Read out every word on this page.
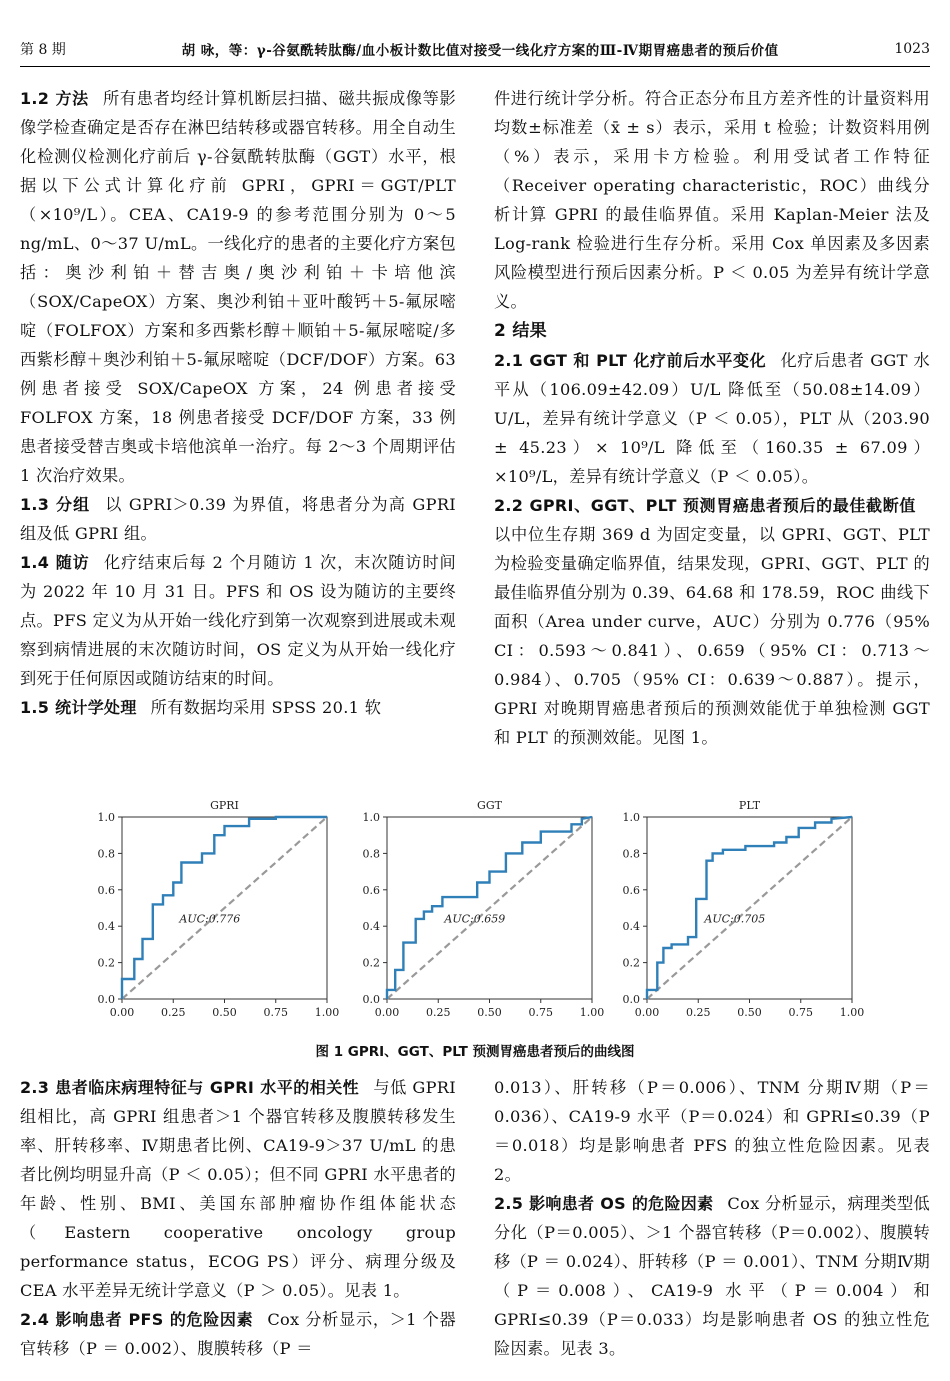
第 8 期	胡 咏，等：γ-谷氨酰转肽酶/血小板计数比值对接受一线化疗方案的Ⅲ-Ⅳ期胃癌患者的预后价值	1023

1.2 方法 所有患者均经计算机断层扫描、磁共振成像等影像学检查确定是否存在淋巴结转移或器官转移。用全自动生化检测仪检测化疗前后 γ-谷氨酰转肽酶（GGT）水平，根据以下公式计算化疗前 GPRI，GPRI＝GGT/PLT（×10⁹/L）。CEA、CA19-9 的参考范围分别为 0～5 ng/mL、0～37 U/mL。一线化疗的患者的主要化疗方案包括：奥沙利铂＋替吉奥/奥沙利铂＋卡培他滨（SOX/CapeOX）方案、奥沙利铂＋亚叶酸钙＋5-氟尿嘧啶（FOLFOX）方案和多西紫杉醇＋顺铂＋5-氟尿嘧啶/多西紫杉醇＋奥沙利铂＋5-氟尿嘧啶（DCF/DOF）方案。63 例患者接受 SOX/CapeOX 方案，24 例患者接受 FOLFOX 方案，18 例患者接受 DCF/DOF 方案，33 例患者接受替吉奥或卡培他滨单一治疗。每 2～3 个周期评估 1 次治疗效果。

1.3 分组 以 GPRI＞0.39 为界值，将患者分为高 GPRI 组及低 GPRI 组。

1.4 随访 化疗结束后每 2 个月随访 1 次，末次随访时间为 2022 年 10 月 31 日。PFS 和 OS 设为随访的主要终点。PFS 定义为从开始一线化疗到第一次观察到进展或未观察到病情进展的末次随访时间，OS 定义为从开始一线化疗到死于任何原因或随访结束的时间。

1.5 统计学处理 所有数据均采用 SPSS 20.1 软

件进行统计学分析。符合正态分布且方差齐性的计量资料用均数±标准差（x̄ ± s）表示，采用 t 检验；计数资料用例（%）表示，采用卡方检验。利用受试者工作特征（Receiver operating characteristic，ROC）曲线分析计算 GPRI 的最佳临界值。采用 Kaplan-Meier 法及Log-rank 检验进行生存分析。采用 Cox 单因素及多因素风险模型进行预后因素分析。P ＜ 0.05 为差异有统计学意义。

2 结果

2.1 GGT 和 PLT 化疗前后水平变化 化疗后患者 GGT 水平从（106.09±42.09）U/L 降低至（50.08±14.09）U/L，差异有统计学意义（P ＜ 0.05），PLT 从（203.90 ± 45.23）× 10⁹/L 降低至（160.35 ± 67.09）×10⁹/L，差异有统计学意义（P ＜ 0.05）。

2.2 GPRI、GGT、PLT 预测胃癌患者预后的最佳截断值以中位生存期 369 d 为固定变量，以 GPRI、GGT、PLT 为检验变量确定临界值，结果发现，GPRI、GGT、PLT 的最佳临界值分别为 0.39、64.68 和 178.59，ROC 曲线下面积（Area under curve，AUC）分别为 0.776（95% CI：0.593～0.841）、0.659（95% CI：0.713～0.984）、0.705（95% CI：0.639～0.887）。提示，GPRI 对晚期胃癌患者预后的预测效能优于单独检测 GGT 和 PLT 的预测效能。见图 1。

GPRI
0.00 0.25 0.50 0.75 1.00
0.0
0.2
0.4
0.6
0.8
1.0
AUC:0.776
GGT
0.00 0.25 0.50 0.75 1.00
0.0
0.2
0.4
0.6
0.8
1.0
AUC:0.659
PLT
0.00 0.25 0.50 0.75 1.00
0.0
0.2
0.4
0.6
0.8
1.0
AUC:0.705
图 1 GPRI、GGT、PLT 预测胃癌患者预后的曲线图

2.3 患者临床病理特征与 GPRI 水平的相关性 与低 GPRI 组相比，高 GPRI 组患者＞1 个器官转移及腹膜转移发生率、肝转移率、Ⅳ期患者比例、CA19-9＞37 U/mL 的患者比例均明显升高（P ＜ 0.05）；但不同 GPRI 水平患者的年龄、性别、BMI、美国东部肿瘤协作组体能状态（Eastern cooperative oncology group performance status，ECOG PS）评分、病理分级及 CEA 水平差异无统计学意义（P ＞ 0.05）。见表 1。

2.4 影响患者 PFS 的危险因素 Cox 分析显示，＞1 个器官转移（P ＝ 0.002）、腹膜转移（P ＝

0.013）、肝转移（P＝0.006）、TNM 分期Ⅳ期（P＝0.036）、CA19-9 水平（P＝0.024）和 GPRI≤0.39（P＝0.018）均是影响患者 PFS 的独立性危险因素。见表 2。

2.5 影响患者 OS 的危险因素 Cox 分析显示，病理类型低分化（P＝0.005）、＞1 个器官转移（P＝0.002）、腹膜转移（P ＝ 0.024）、肝转移（P ＝ 0.001）、TNM 分期Ⅳ期（P＝0.008）、CA19-9 水平（P＝0.004）和 GPRI≤0.39（P＝0.033）均是影响患者 OS 的独立性危险因素。见表 3。
